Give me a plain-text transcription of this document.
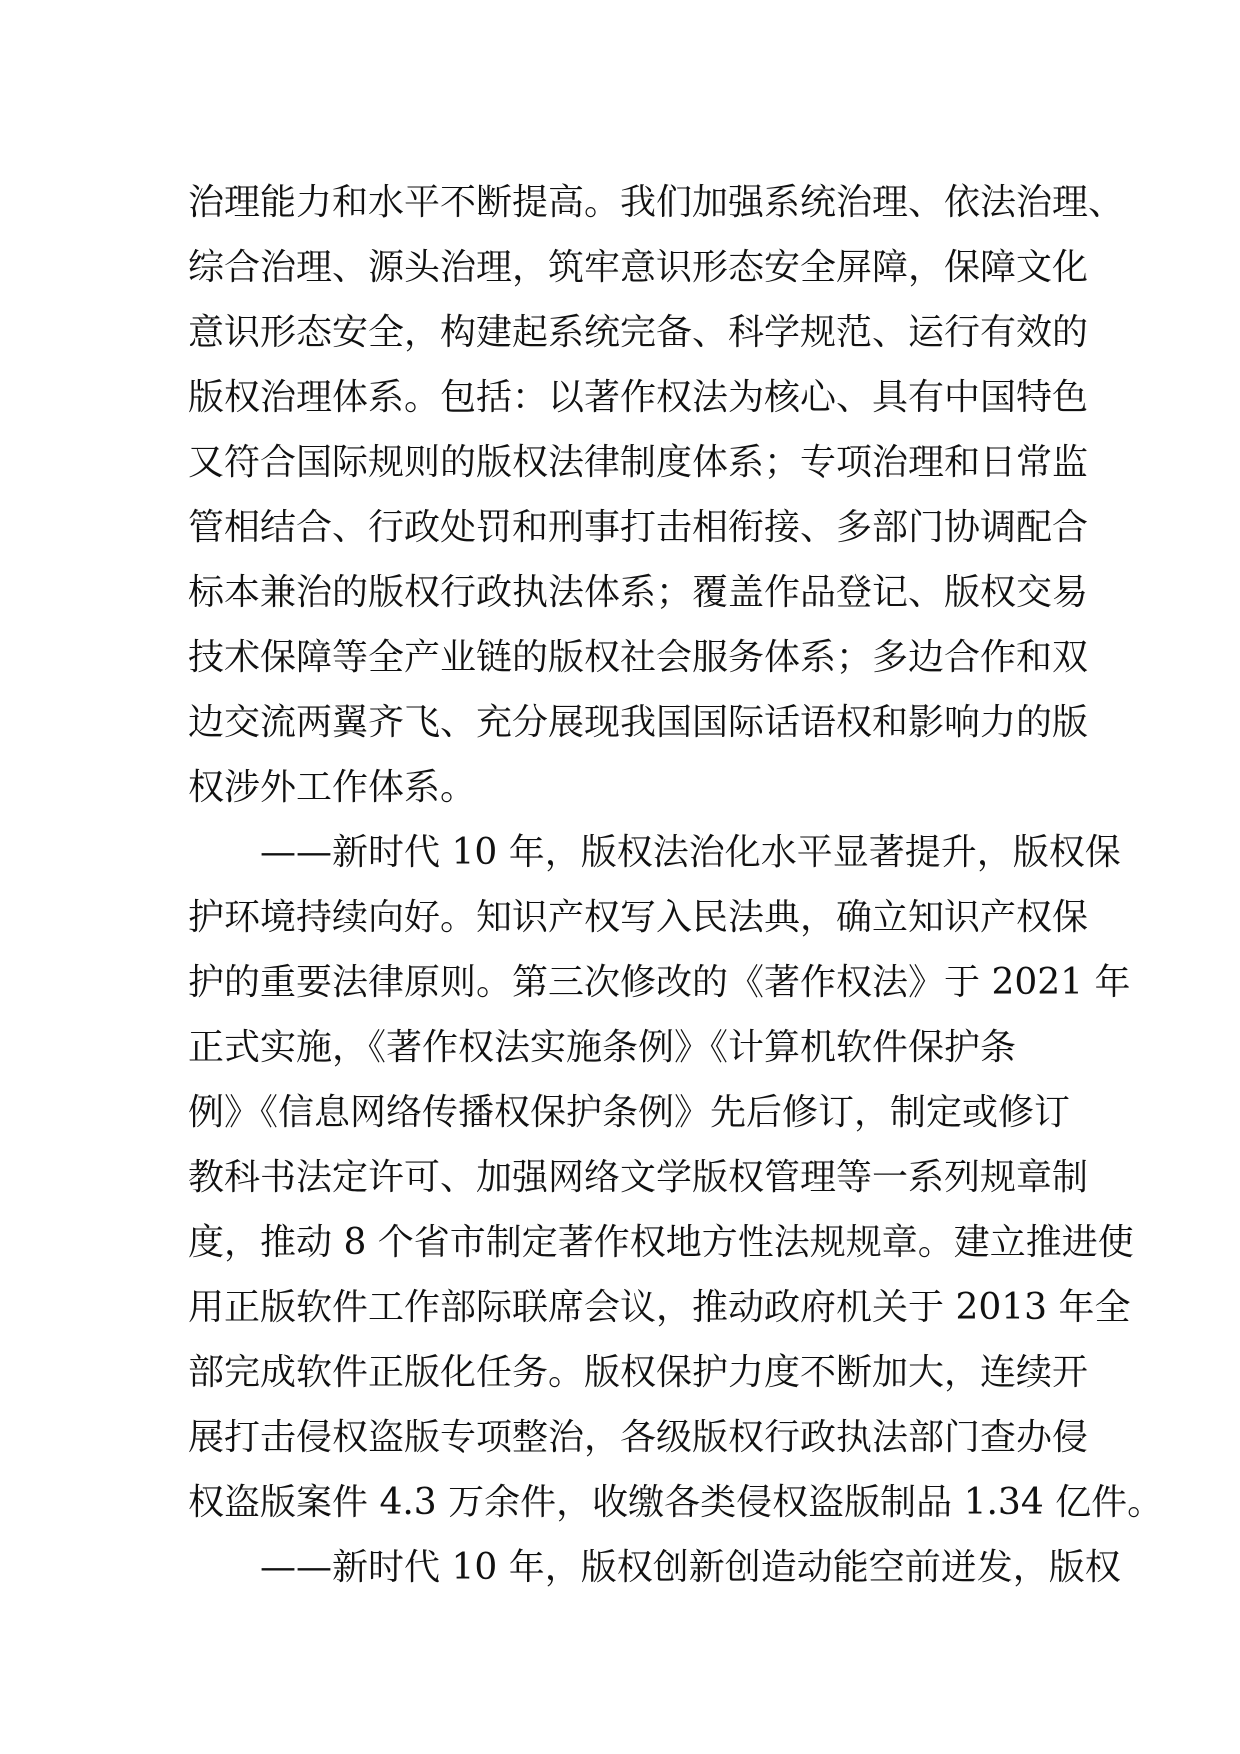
治理能力和水平不断提高。我们加强系统治理、依法治理、
综合治理、源头治理，筑牢意识形态安全屏障，保障文化
意识形态安全，构建起系统完备、科学规范、运行有效的
版权治理体系。包括：以著作权法为核心、具有中国特色
又符合国际规则的版权法律制度体系；专项治理和日常监
管相结合、行政处罚和刑事打击相衔接、多部门协调配合
标本兼治的版权行政执法体系；覆盖作品登记、版权交易
技术保障等全产业链的版权社会服务体系；多边合作和双
边交流两翼齐飞、充分展现我国国际话语权和影响力的版
权涉外工作体系。
——新时代 10 年，版权法治化水平显著提升，版权保
护环境持续向好。知识产权写入民法典，确立知识产权保
护的重要法律原则。第三次修改的《著作权法》于 2021 年
正式实施，《著作权法实施条例》《计算机软件保护条
例》《信息网络传播权保护条例》先后修订，制定或修订
教科书法定许可、加强网络文学版权管理等一系列规章制
度，推动 8 个省市制定著作权地方性法规规章。建立推进使
用正版软件工作部际联席会议，推动政府机关于 2013 年全
部完成软件正版化任务。版权保护力度不断加大，连续开
展打击侵权盗版专项整治，各级版权行政执法部门查办侵
权盗版案件 4.3 万余件，收缴各类侵权盗版制品 1.34 亿件。
——新时代 10 年，版权创新创造动能空前迸发，版权
